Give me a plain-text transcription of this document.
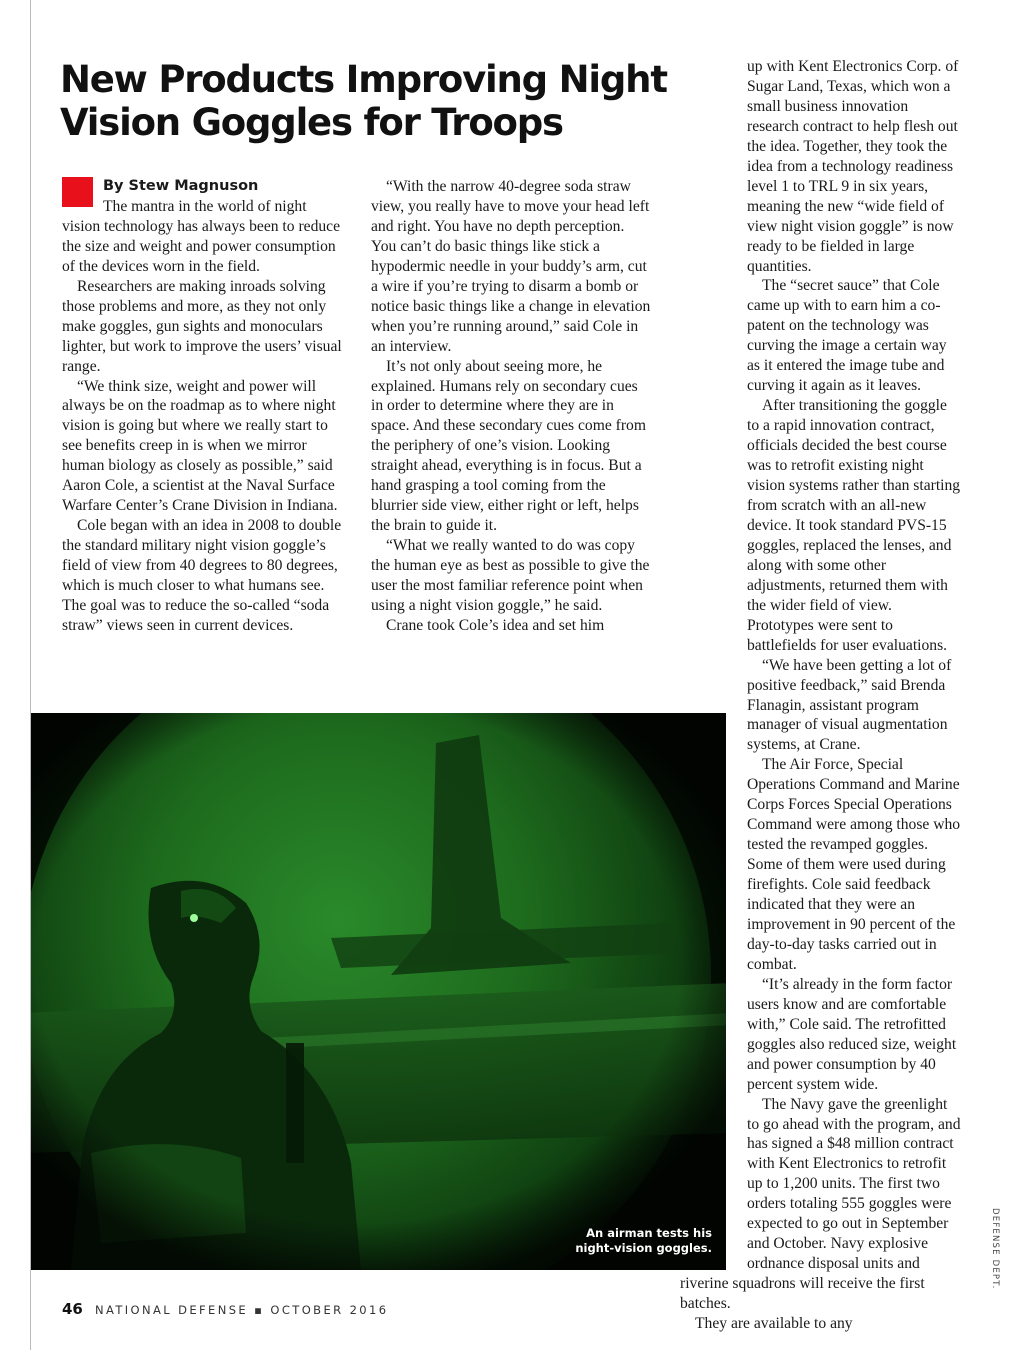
New Products Improving Night Vision Goggles for Troops
By Stew Magnuson

The mantra in the world of night vision technology has always been to reduce the size and weight and power consumption of the devices worn in the field.

Researchers are making inroads solving those problems and more, as they not only make goggles, gun sights and monoculars lighter, but work to improve the users’ visual range.

“We think size, weight and power will always be on the roadmap as to where night vision is going but where we really start to see benefits creep in is when we mirror human biology as closely as possible,” said Aaron Cole, a scientist at the Naval Surface Warfare Center’s Crane Division in Indiana.

Cole began with an idea in 2008 to double the standard military night vision goggle’s field of view from 40 degrees to 80 degrees, which is much closer to what humans see. The goal was to reduce the so-called “soda straw” views seen in current devices.

“With the narrow 40-degree soda straw view, you really have to move your head left and right. You have no depth perception. You can’t do basic things like stick a hypodermic needle in your buddy’s arm, cut a wire if you’re trying to disarm a bomb or notice basic things like a change in elevation when you’re running around,” said Cole in an interview.

It’s not only about seeing more, he explained. Humans rely on secondary cues in order to determine where they are in space. And these secondary cues come from the periphery of one’s vision. Looking straight ahead, everything is in focus. But a hand grasping a tool coming from the blurrier side view, either right or left, helps the brain to guide it.

“What we really wanted to do was copy the human eye as best as possible to give the user the most familiar reference point when using a night vision goggle,” he said.

Crane took Cole’s idea and set him

up with Kent Electronics Corp. of Sugar Land, Texas, which won a small business innovation research contract to help flesh out the idea. Together, they took the idea from a technology readiness level 1 to TRL 9 in six years, meaning the new “wide field of view night vision goggle” is now ready to be fielded in large quantities.

The “secret sauce” that Cole came up with to earn him a co-patent on the technology was curving the image a certain way as it entered the image tube and curving it again as it leaves.

After transitioning the goggle to a rapid innovation contract, officials decided the best course was to retrofit existing night vision systems rather than starting from scratch with an all-new device. It took standard PVS-15 goggles, replaced the lenses, and along with some other adjustments, returned them with the wider field of view. Prototypes were sent to battlefields for user evaluations.

“We have been getting a lot of positive feedback,” said Brenda Flanagin, assistant program manager of visual augmentation systems, at Crane.

The Air Force, Special Operations Command and Marine Corps Forces Special Operations Command were among those who tested the revamped goggles. Some of them were used during firefights. Cole said feedback indicated that they were an improvement in 90 percent of the day-to-day tasks carried out in combat.

“It’s already in the form factor users know and are comfortable with,” Cole said. The retrofitted goggles also reduced size, weight and power consumption by 40 percent system wide.

The Navy gave the greenlight to go ahead with the program, and has signed a $48 million contract with Kent Electronics to retrofit up to 1,200 units. The first two orders totaling 555 goggles were expected to go out in September and October. Navy explosive ordnance disposal units and riverine squadrons will receive the first batches.

They are available to any

An airman tests his
night-vision goggles.
46 NATIONAL DEFENSE ▪ OCTOBER 2016
DEFENSE DEPT.
